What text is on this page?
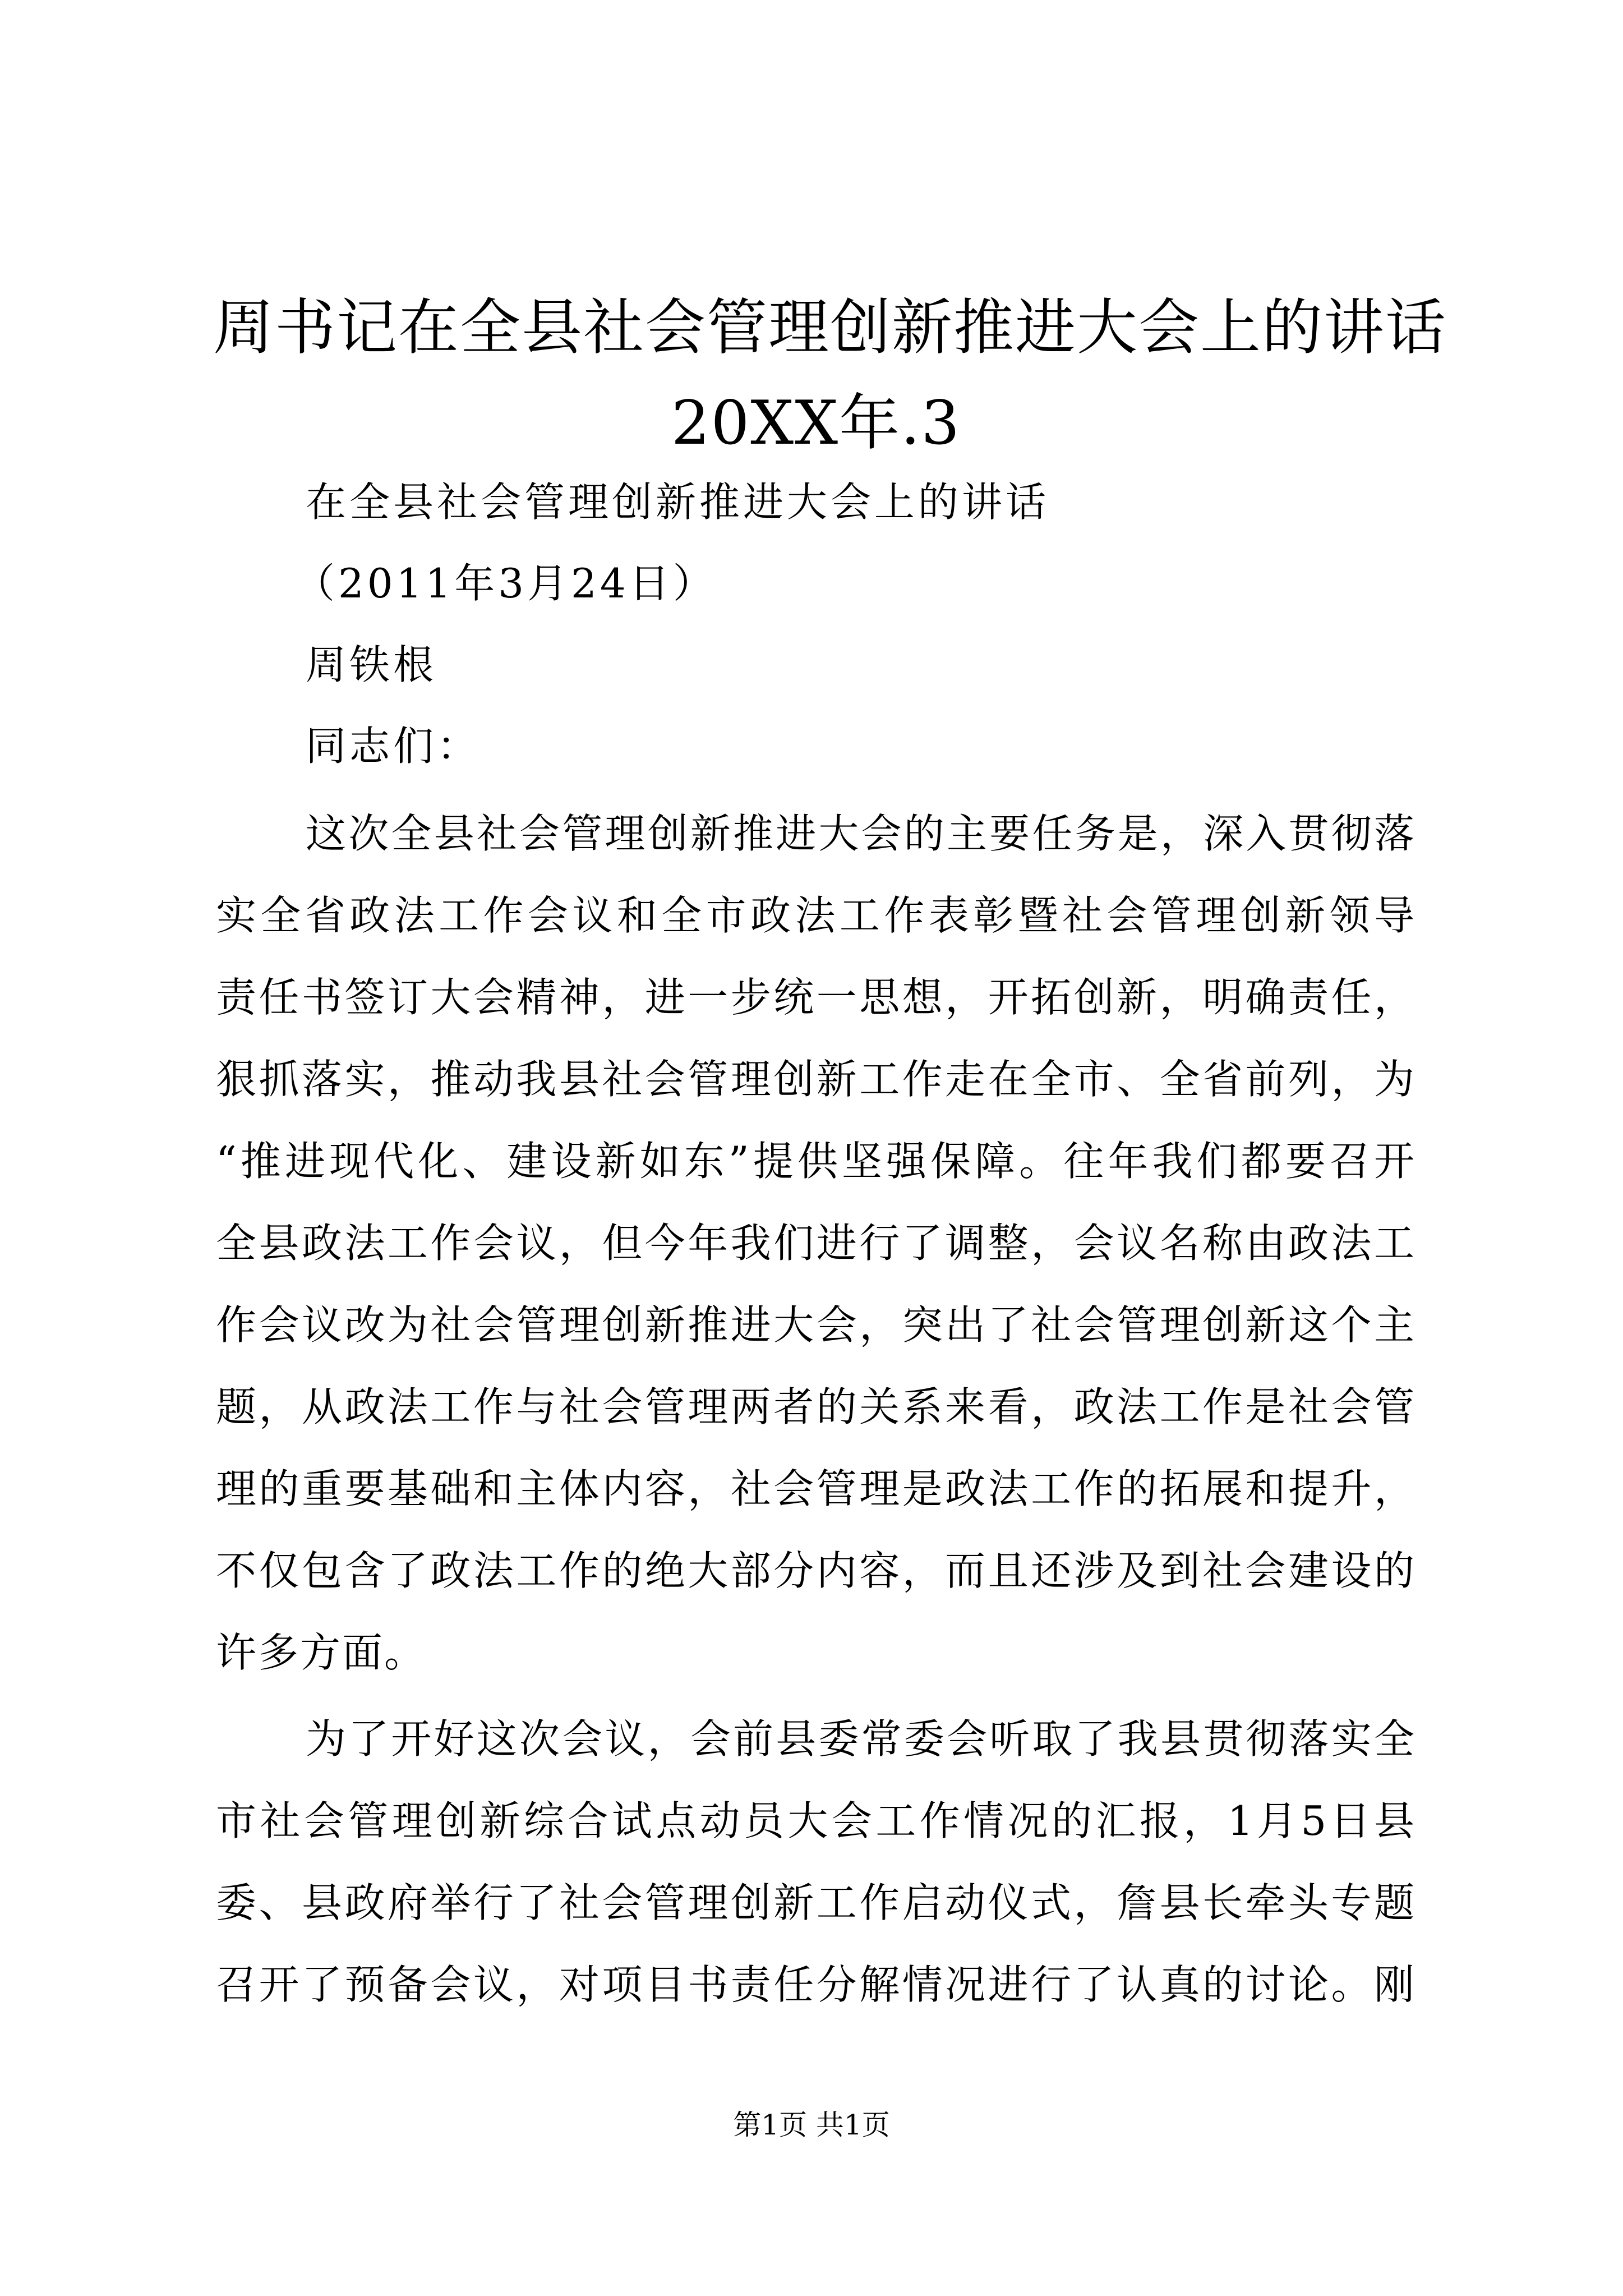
周书记在全县社会管理创新推进大会上的讲话
20XX年.3
在全县社会管理创新推进大会上的讲话
（2011年3月24日）
周铁根
同志们：
这次全县社会管理创新推进大会的主要任务是，深入贯彻落
实全省政法工作会议和全市政法工作表彰暨社会管理创新领导
责任书签订大会精神，进一步统一思想，开拓创新，明确责任，
狠抓落实，推动我县社会管理创新工作走在全市、全省前列，为
“推进现代化、建设新如东”提供坚强保障。往年我们都要召开
全县政法工作会议，但今年我们进行了调整，会议名称由政法工
作会议改为社会管理创新推进大会，突出了社会管理创新这个主
题，从政法工作与社会管理两者的关系来看，政法工作是社会管
理的重要基础和主体内容，社会管理是政法工作的拓展和提升，
不仅包含了政法工作的绝大部分内容，而且还涉及到社会建设的
许多方面。
为了开好这次会议，会前县委常委会听取了我县贯彻落实全
市社会管理创新综合试点动员大会工作情况的汇报，1月5日县
委、县政府举行了社会管理创新工作启动仪式，詹县长牵头专题
召开了预备会议，对项目书责任分解情况进行了认真的讨论。刚
第1页 共1页
